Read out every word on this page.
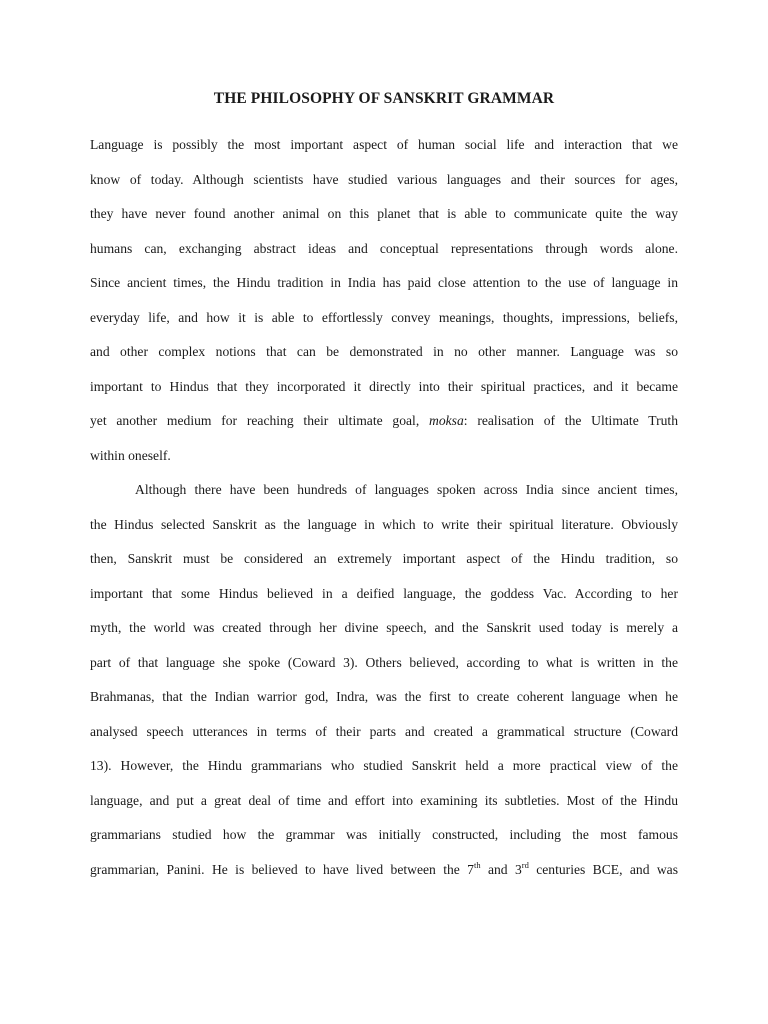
THE PHILOSOPHY OF SANSKRIT GRAMMAR
Language is possibly the most important aspect of human social life and interaction that we
know of today. Although scientists have studied various languages and their sources for ages,
they have never found another animal on this planet that is able to communicate quite the way
humans can, exchanging abstract ideas and conceptual representations through words alone.
Since ancient times, the Hindu tradition in India has paid close attention to the use of language in
everyday life, and how it is able to effortlessly convey meanings, thoughts, impressions, beliefs,
and other complex notions that can be demonstrated in no other manner. Language was so
important to Hindus that they incorporated it directly into their spiritual practices, and it became
yet another medium for reaching their ultimate goal, moksa: realisation of the Ultimate Truth
within oneself.
Although there have been hundreds of languages spoken across India since ancient times,
the Hindus selected Sanskrit as the language in which to write their spiritual literature. Obviously
then, Sanskrit must be considered an extremely important aspect of the Hindu tradition, so
important that some Hindus believed in a deified language, the goddess Vac. According to her
myth, the world was created through her divine speech, and the Sanskrit used today is merely a
part of that language she spoke (Coward 3). Others believed, according to what is written in the
Brahmanas, that the Indian warrior god, Indra, was the first to create coherent language when he
analysed speech utterances in terms of their parts and created a grammatical structure (Coward
13). However, the Hindu grammarians who studied Sanskrit held a more practical view of the
language, and put a great deal of time and effort into examining its subtleties. Most of the Hindu
grammarians studied how the grammar was initially constructed, including the most famous
grammarian, Panini. He is believed to have lived between the 7th and 3rd centuries BCE, and was
